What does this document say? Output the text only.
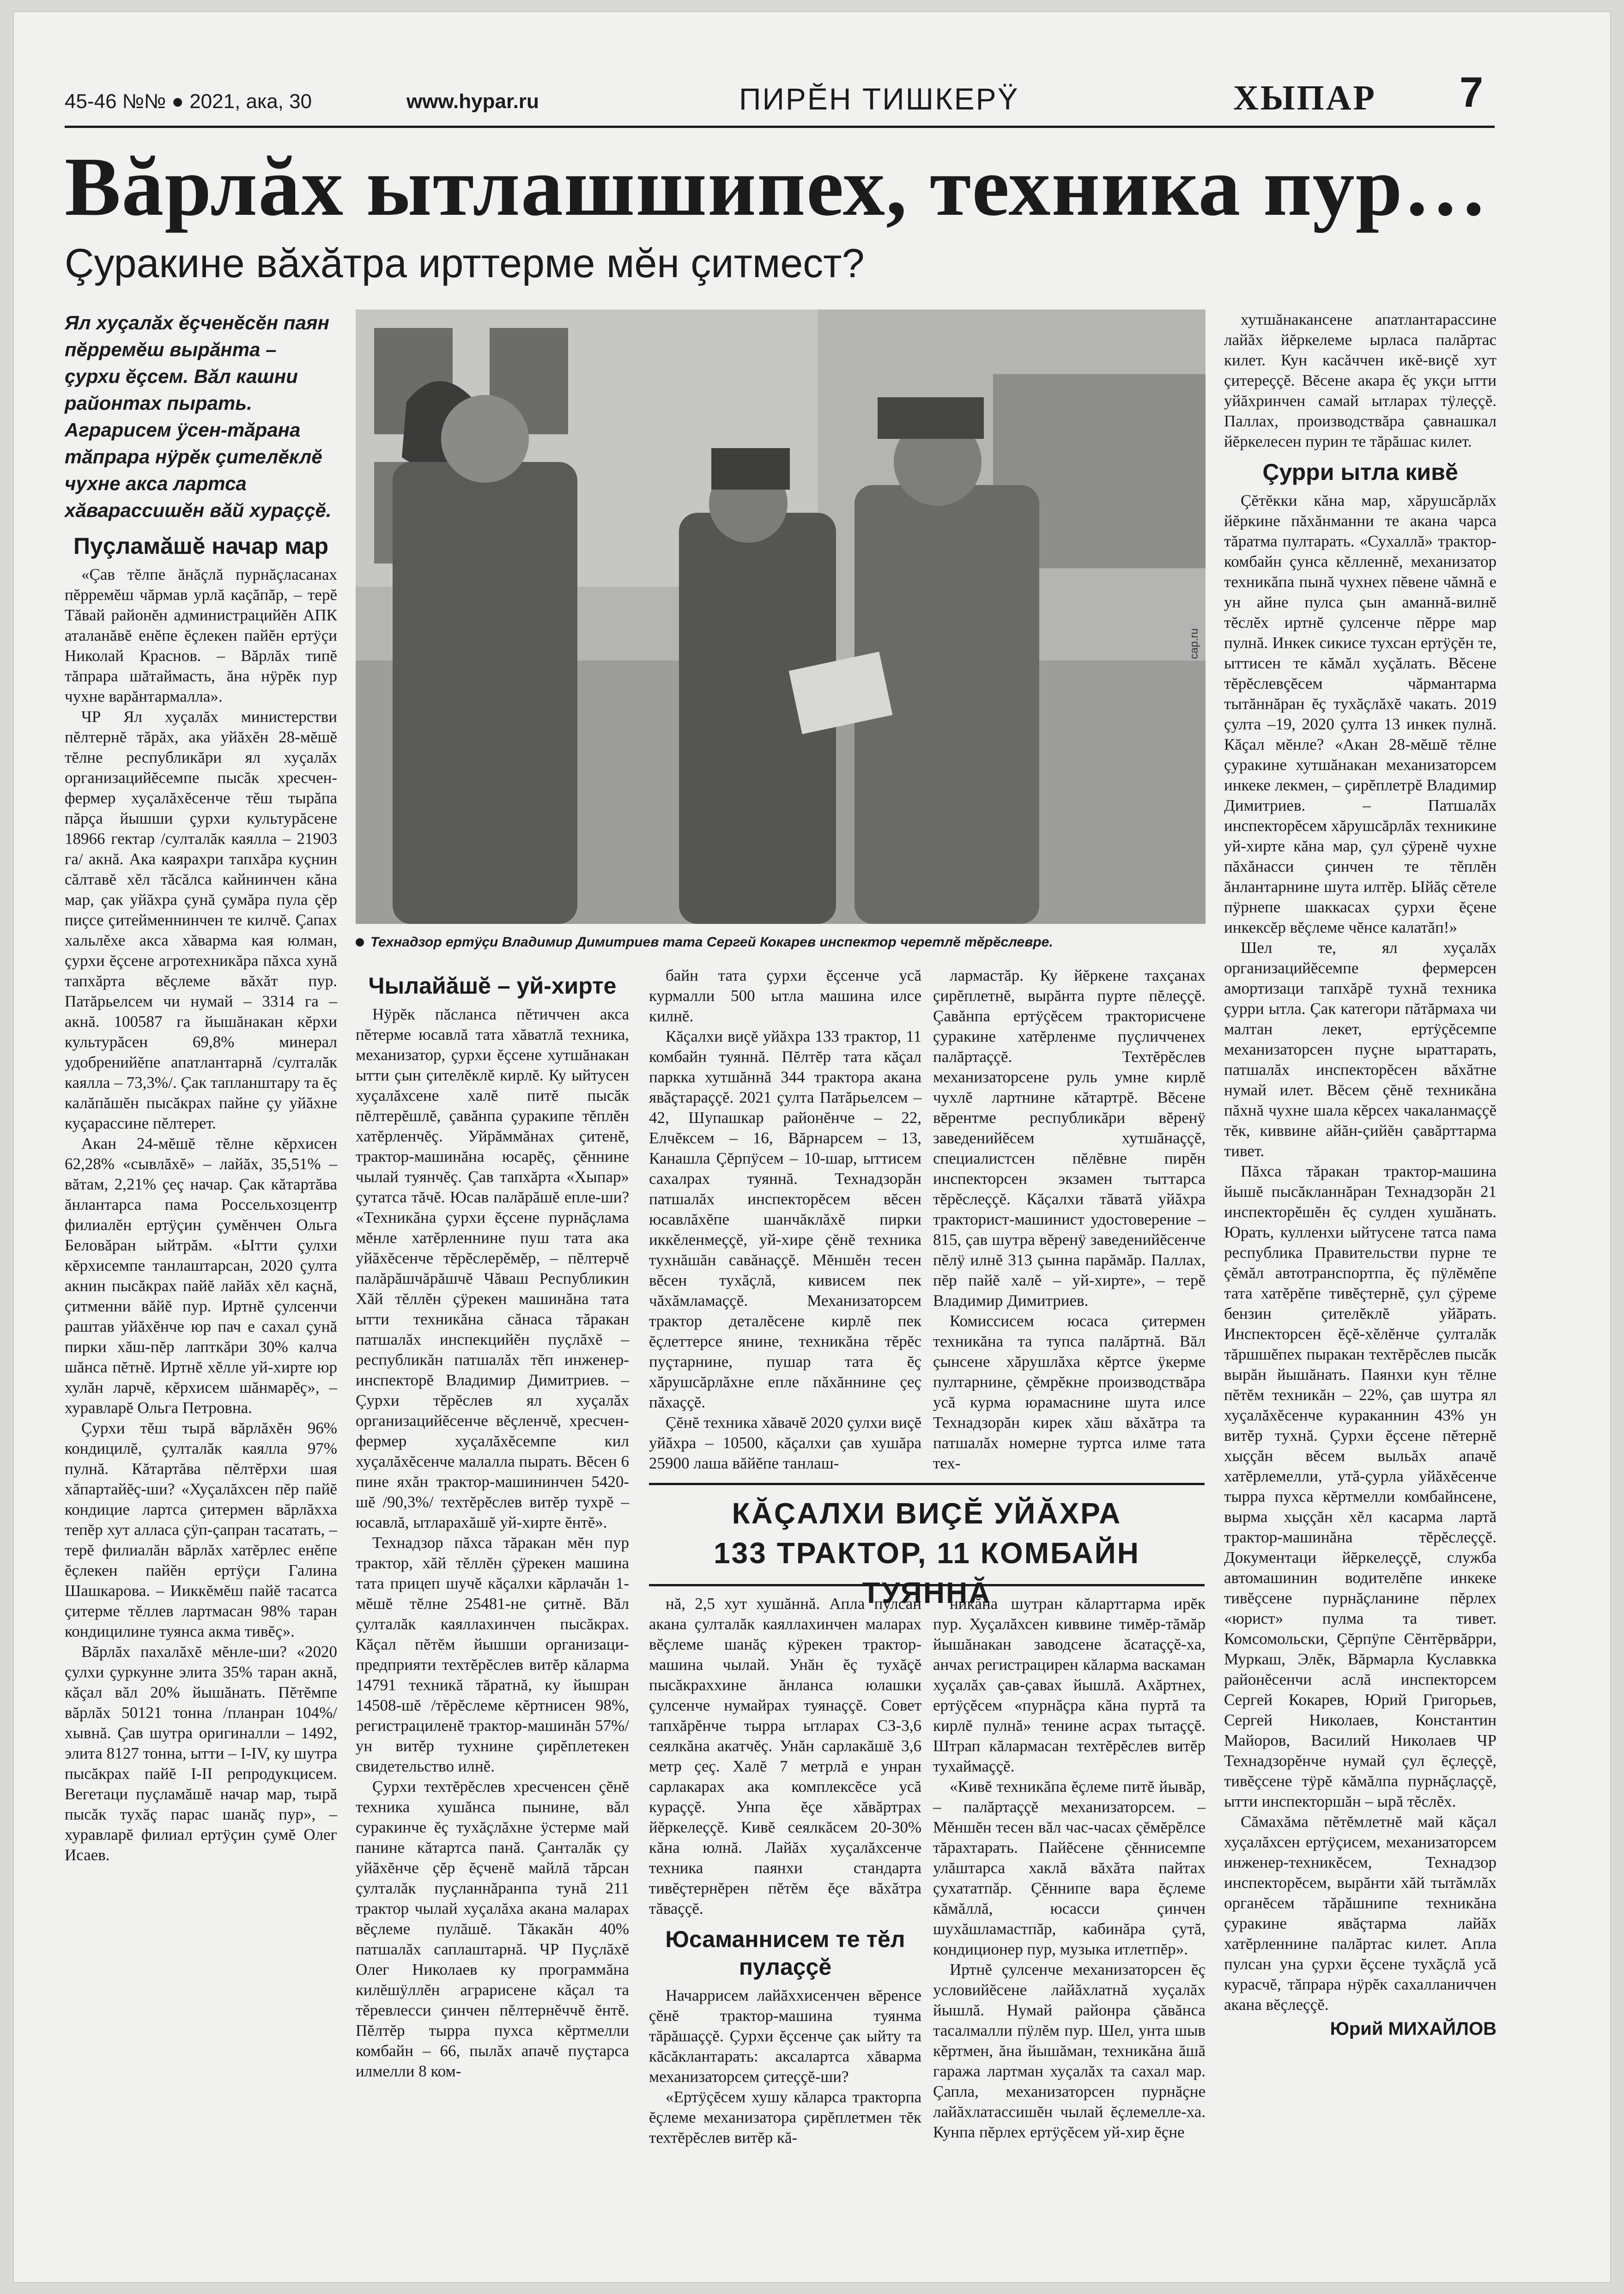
45-46 №№ ● 2021, ака, 30	www.hypar.ru	ПИРĔН ТИШКЕРŸ	ХЫПАР 7
Вăрлăх ытлашшипех, техника пур…
Çуракине вăхăтра ирттерме мĕн çитмест?

Ял хуçалăх ĕçченĕсĕн паян пĕрремĕш вырăнта – çурхи ĕçсем. Вăл кашни районтах пырать. Аграрисем ÿсен-тăрана тăпрара нÿрĕк çителĕклĕ чухне акса лартса хăварассишĕн вăй хураççĕ.

Пуçламăшĕ начар мар

«Çав тĕлпе ăнăçлă пурнăçласанах пĕрремĕш чăрмав урлă каçăпăр, – терĕ Тăвай районĕн администрацийĕн АПК аталанăвĕ енĕпе ĕçлекен пайĕн ертÿçи Николай Краснов. – Вăрлăх типĕ тăпрара шăтаймасть, ăна нÿрĕк пур чухне варăнтармалла».

ЧР Ял хуçалăх министерстви пĕлтернĕ тăрăх, ака уйăхĕн 28-мĕшĕ тĕлне республикăри ял хуçалăх организацийĕсемпе пысăк хресчен-фермер хуçалăхĕсенче тĕш тырăпа пăрçа йышши çурхи культурăсене 18966 гектар /султалăк каялла – 21903 га/ акнă. Ака каярахри тапхăра куçнин сăлтавĕ хĕл тăсăлса кайнинчен кăна мар, çак уйăхра çунă çумăра пула çĕр пиçсе çитейменнинчен те килчĕ. Çапах хальлĕхе акса хăварма кая юлман, çурхи ĕçсене агротехникăра пăхса хунă тапхăрта вĕçлеме вăхăт пур. Патăрьелсем чи нумай – 3314 га – акнă. 100587 га йышăнакан кĕрхи культурăсен 69,8% минерал удобренийĕпе апатлантарнă /султалăк каялла – 73,3%/. Çак тапланштару та ĕç калăпăшĕн пысăкрах пайне çу уйăхне куçарассине пĕлтерет.

Акан 24-мĕшĕ тĕлне кĕрхисен 62,28% «сывлăхĕ» – лайăх, 35,51% – вăтам, 2,21% çеç начар. Çак кăтартăва ăнлантарса пама Россельхозцентр филиалĕн ертÿçин çумĕнчен Ольга Беловăран ыйтрăм. «Ытти çулхи кĕрхисемпе танлаштарсан, 2020 çулта акнин пысăкрах пайĕ лайăх хĕл каçнă, çитменни вăйĕ пур. Иртнĕ çулсенчи раштав уйăхĕнче юр пач е сахал çунă пирки хăш-пĕр лапткăри 30% калча шăнса пĕтнĕ. Иртнĕ хĕлле уй-хирте юр хулăн ларчĕ, кĕрхисем шăнмарĕç», – хуравларĕ Ольга Петровна.

Çурхи тĕш тырă вăрлăхĕн 96% кондицилĕ, çулталăк каялла 97% пулнă. Кăтартăва пĕлтĕрхи шая хăпартайĕç-ши? «Хуçалăхсен пĕр пайĕ кондицие лартса çитермен вăрлăхха тепĕр хут алласа çÿп-çапран тасатать, – терĕ филиалăн вăрлăх хатĕрлес енĕпе ĕçлекен пайĕн ертÿçи Галина Шашкарова. – Ииккĕмĕш пайĕ тасатса çитерме тĕллев лартмасан 98% таран кондицилине туянса акма тивĕç».

Вăрлăх пахалăхĕ мĕнле-ши? «2020 çулхи çуркунне элита 35% таран акнă, кăçал вăл 20% йышăнать. Пĕтĕмпе вăрлăх 50121 тонна /планран 104%/ хывнă. Çав шутра оригиналли – 1492, элита 8127 тонна, ытти – I-IV, ку шутра пысăкрах пайĕ I-II репродукцисем. Вегетаци пуçламăшĕ начар мар, тырă пысăк тухăç парас шанăç пур», – хуравларĕ филиал ертÿçин çумĕ Олег Исаев.

cap.ru
Технадзор ертÿçи Владимир Димитриев тата Сергей Кокарев инспектор черетлĕ тĕрĕслевре.
Чылайăшĕ – уй-хирте

Нÿрĕк пăсланса пĕтиччен акса пĕтерме юсавлă тата хăватлă техника, механизатор, çурхи ĕçсене хутшăнакан ытти çын çителĕклĕ кирлĕ. Ку ыйтусен хуçалăхсене халĕ питĕ пысăк пĕлтерĕшлĕ, çавăнпа çуракипе тĕплĕн хатĕрленчĕç. Уйрăммăнах çитенĕ, трактор-машинăна юсарĕç, çĕннине чылай туянчĕç. Çав тапхăрта «Хыпар» çутатса тăчĕ. Юсав палăрăшĕ епле-ши? «Техникăна çурхи ĕçсене пурнăçлама мĕнле хатĕрленнине пуш тата ака уйăхĕсенче тĕрĕслерĕмĕр, – пĕлтерчĕ палăрăшчăрăшчĕ Чăваш Республикин Хăй тĕллĕн çÿрекен машинăна тата ытти техникăна сăнаса тăракан патшалăх инспекцийĕн пуçлăхĕ – республикăн патшалăх тĕп инженер-инспекторĕ Владимир Димитриев. – Çурхи тĕрĕслев ял хуçалăх организацийĕсенче вĕçленчĕ, хресчен-фермер хуçалăхĕсемпе кил хуçалăхĕсенче малалла пырать. Вĕсен 6 пине яхăн трактор-машининчен 5420-шĕ /90,3%/ техтĕрĕслев витĕр тухрĕ – юсавлă, ытларахăшĕ уй-хирте ĕнтĕ».

Технадзор пăхса тăракан мĕн пур трактор, хăй тĕллĕн çÿрекен машина тата прицеп шучĕ кăçалхи кăрлачăн 1-мĕшĕ тĕлне 25481-не çитнĕ. Вăл çулталăк каяллахинчен пысăкрах. Кăçал пĕтĕм йышши организаци-предприяти техтĕрĕслев витĕр кăларма 14791 техникă тăратнă, ку йышран 14508-шĕ /тĕрĕслеме кĕртнисен 98%, регистрациленĕ трактор-машинăн 57%/ ун витĕр тухнине çирĕплетекен свидетельство илнĕ.

Çурхи техтĕрĕслев хресченсен çĕнĕ техника хушăнса пынине, вăл суракинче ĕç тухăçлăхне ÿстерме май панине кăтартса панă. Çанталăк çу уйăхĕнче çĕр ĕçченĕ майлă тăрсан çулталăк пуçланнăранпа тунă 211 трактор чылай хуçалăха акана маларах вĕçлеме пулăшĕ. Тăкакăн 40% патшалăх саплаштарнă. ЧР Пуçлăхĕ Олег Николаев ку программăна килĕшÿллĕн аграрисене кăçал та тĕревлесси çинчен пĕлтернĕччĕ ĕнтĕ. Пĕлтĕр тырра пухса кĕртмелли комбайн – 66, пылăх апачĕ пуçтарса илмелли 8 ком-

байн тата çурхи ĕçсенче усă курмалли 500 ытла машина илсе килнĕ.

Кăçалхи виçĕ уйăхра 133 трактор, 11 комбайн туяннă. Пĕлтĕр тата кăçал паркка хутшăннă 344 трактора акана явăçтараççĕ. 2021 çулта Патăрьелсем – 42, Шупашкар районĕнче – 22, Елчĕксем – 16, Вăрнарсем – 13, Канашла Çĕрпÿсем – 10-шар, ыттисем сахалрах туяннă. Технадзорăн патшалăх инспекторĕсем вĕсен юсавлăхĕпе шанчăклăхĕ пирки иккĕленмеççĕ, уй-хире çĕнĕ техника тухнăшăн савăнаççĕ. Мĕншĕн тесен вĕсен тухăçлă, кивисем пек чăхăмламаççĕ. Механизаторсем трактор деталĕсене кирлĕ пек ĕçлеттерсе янине, техникăна тĕрĕс пуçтарнине, пушар тата ĕç хăрушсăрлăхне епле пăхăннине çеç пăхаççĕ.

Çĕнĕ техника хăвачĕ 2020 çулхи виçĕ уйăхра – 10500, кăçалхи çав хушăра 25900 лаша вăйĕпе танлаш-

лармастăр. Ку йĕркене тахçанах çирĕплетнĕ, вырăнта пурте пĕлеççĕ. Çавăнпа ертÿçĕсем тракторисчене çуракине хатĕрленме пуçличченех палăртаççĕ. Техтĕрĕслев механизаторсене руль умне кирлĕ чухлĕ лартнине кăтартрĕ. Вĕсене вĕрентме республикăри вĕренÿ заведенийĕсем хутшăнаççĕ, специалистсен пĕлĕвне пирĕн инспекторсен экзамен тыттарса тĕрĕслеççĕ. Кăçалхи тăватă уйăхра тракторист-машинист удостоверение – 815, çав шутра вĕренÿ заведенийĕсенче пĕлÿ илнĕ 313 çынна парăмăр. Паллах, пĕр пайĕ халĕ – уй-хирте», – терĕ Владимир Димитриев.

Комиссисем юсаса çитермен техникăна та тупса палăртнă. Вăл çынсене хăрушлăха кĕртсе ÿкерме пултарнине, çĕмрĕкне производствăра усă курма юрамаснине шута илсе Технадзорăн кирек хăш вăхăтра та патшалăх номерне туртса илме тата тех-

КĂÇАЛХИ ВИÇĔ УЙĂХРА
133 ТРАКТОР, 11 КОМБАЙН ТУЯННĂ

нă, 2,5 хут хушăннă. Апла пулсан акана çулталăк каяллахинчен маларах вĕçлеме шанăç кÿрекен трактор-машина чылай. Унăн ĕç тухăçĕ пысăкраххине ăнланса юлашки çулсенче нумайрах туянаççĕ. Совет тапхăрĕнче тырра ытларах СЗ-3,6 сеялкăна акатчĕç. Унăн сарлакăшĕ 3,6 метр çеç. Халĕ 7 метрлă е унран сарлакарах ака комплексĕсе усă кураççĕ. Унпа ĕçе хăвăртрах йĕркелеççĕ. Кивĕ сеялкăсем 20-30% кăна юлнă. Лайăх хуçалăхсенче техника паянхи стандарта тивĕçтернĕрен пĕтĕм ĕçе вăхăтра тăваççĕ.

Юсаманнисем те тĕл пулаççĕ

Начаррисем лайăххисенчен вĕренсе çĕнĕ трактор-машина туянма тăрăшаççĕ. Çурхи ĕçсенче çак ыйту та кăсăклантарать: аксалартса хăварма механизаторсем çитеççĕ-ши?

«Ертÿçĕсем хушу кăларса тракторпа ĕçлеме механизатора çирĕплетмен тĕк техтĕрĕслев витĕр кă-

никăна шутран кăларттарма ирĕк пур. Хуçалăхсен киввине тимĕр-тăмăр йышăнакан заводсене ăсатаççĕ-ха, анчах регистрацирен кăларма васкаман хуçалăх çав-çавах йышлă. Ахăртнех, ертÿçĕсем «пурнăçра кăна пуртă та кирлĕ пулнă» тенине асрах тытаççĕ. Штрап кăлармасан техтĕрĕслев витĕр тухаймаççĕ.

«Кивĕ техникăпа ĕçлеме питĕ йывăр, – палăртаççĕ механизаторсем. – Мĕншĕн тесен вăл час-часах çĕмĕрĕлсе тăрахтарать. Пайĕсене çĕннисемпе улăштарса хаклă вăхăта пайтах çухататпăр. Çĕннипе вара ĕçлеме кăмăллă, юсасси çинчен шухăшламастпăр, кабинăра çутă, кондиционер пур, музыка итлетпĕр».

Иртнĕ çулсенче механизаторсен ĕç условийĕсене лайăхлатнă хуçалăх йышлă. Нумай районра çăвăнса тасалмалли пÿлĕм пур. Шел, унта шыв кĕртмен, ăна йышăман, техникăна ăшă гаража лартман хуçалăх та сахал мар. Çапла, механизаторсен пурнăçне лайăхлатассишĕн чылай ĕçлемелле-ха. Кунпа пĕрлех ертÿçĕсем уй-хир ĕçне

хутшăнакансене апатлантарассине лайăх йĕркелеме ырласа палăртас килет. Кун касăччен икĕ-виçĕ хут çитереççĕ. Вĕсене акара ĕç укçи ытти уйăхринчен самай ытларах тÿлеççĕ. Паллах, производствăра çавнашкал йĕркелесен пурин те тăрăшас килет.

Çурри ытла кивĕ

Çĕтĕкки кăна мар, хăрушсăрлăх йĕркине пăхăнманни те акана чарса тăратма пултарать. «Сухаллă» трактор-комбайн çунса кĕлленнĕ, механизатор техникăпа пынă чухнех пĕвене чăмнă е ун айне пулса çын аманнă-вилнĕ тĕслĕх иртнĕ çулсенче пĕрре мар пулнă. Инкек сикисе тухсан ертÿçĕн те, ыттисен те кăмăл хуçăлать. Вĕсене тĕрĕслевçĕсем чăрмантарма тытăннăран ĕç тухăçлăхĕ чакать. 2019 çулта –19, 2020 çулта 13 инкек пулнă. Кăçал мĕнле? «Акан 28-мĕшĕ тĕлне çуракине хутшăнакан механизаторсем инкеке лекмен, – çирĕплетрĕ Владимир Димитриев. – Патшалăх инспекторĕсем хăрушсăрлăх техникине уй-хирте кăна мар, çул çÿренĕ чухне пăхăнасси çинчен те тĕплĕн ăнлантарнине шута илтĕр. Ыйăç сĕтеле пÿрнепе шаккасах çурхи ĕçене инкексĕр вĕçлеме чĕнсе калатăп!»

Шел те, ял хуçалăх организацийĕсемпе фермерсен амортизаци тапхăрĕ тухнă техника çурри ытла. Çак категори пăтăрмаха чи малтан лекет, ертÿçĕсемпе механизаторсен пуçне ыраттарать, патшалăх инспекторĕсен вăхăтне нумай илет. Вĕсем çĕнĕ техникăна пăхнă чухне шала кĕрсех чакаланмаççĕ тĕк, киввине айăн-çийĕн çавăрттарма тивет.

Пăхса тăракан трактор-машина йышĕ пысăкланнăран Технадзорăн 21 инспекторĕшĕн ĕç сулден хушăнать. Юрать, кулленхи ыйтусене татса пама республика Правительстви пурне те çĕмăл автотранспортпа, ĕç пÿлĕмĕпе тата хатĕрĕпе тивĕçтернĕ, çул çÿреме бензин çителĕклĕ уйăрать. Инспекторсен ĕçĕ-хĕлĕнче çулталăк тăршшĕпех пыракан техтĕрĕслев пысăк вырăн йышăнать. Паянхи кун тĕлне пĕтĕм техникăн – 22%, çав шутра ял хуçалăхĕсенче кураканнин 43% ун витĕр тухнă. Çурхи ĕçсене пĕтернĕ хыççăн вĕсем выльăх апачĕ хатĕрлемелли, утă-çурла уйăхĕсенче тырра пухса кĕртмелли комбайнсене, вырма хыççăн хĕл касарма лартă трактор-машинăна тĕрĕслеççĕ. Документаци йĕркелеççĕ, служба автомашинин водителĕпе инкеке тивĕçсене пурнăçланине пĕрлех «юрист» пулма та тивет. Комсомольски, Çĕрпÿпе Сĕнтĕрвăрри, Муркаш, Элĕк, Вăрмарла Куславкка районĕсенчи аслă инспекторсем Сергей Кокарев, Юрий Григорьев, Сергей Николаев, Константин Майоров, Василий Николаев ЧР Технадзорĕнче нумай çул ĕçлеççĕ, тивĕçсене тÿрĕ кăмăлпа пурнăçлаççĕ, ытти инспекторшăн – ырă тĕслĕх.

Сăмахăма пĕтĕмлетнĕ май кăçал хуçалăхсен ертÿçисем, механизаторсем инженер-техникĕсем, Технадзор инспекторĕсем, вырăнти хăй тытăмлăх органĕсем тăрăшнипе техникăна çуракине явăçтарма лайăх хатĕрленнине палăртас килет. Апла пулсан уна çурхи ĕçсене тухăçлă усă курасчĕ, тăпрара нÿрĕк сахалланиччен акана вĕçлеççĕ.

Юрий МИХАЙЛОВ
